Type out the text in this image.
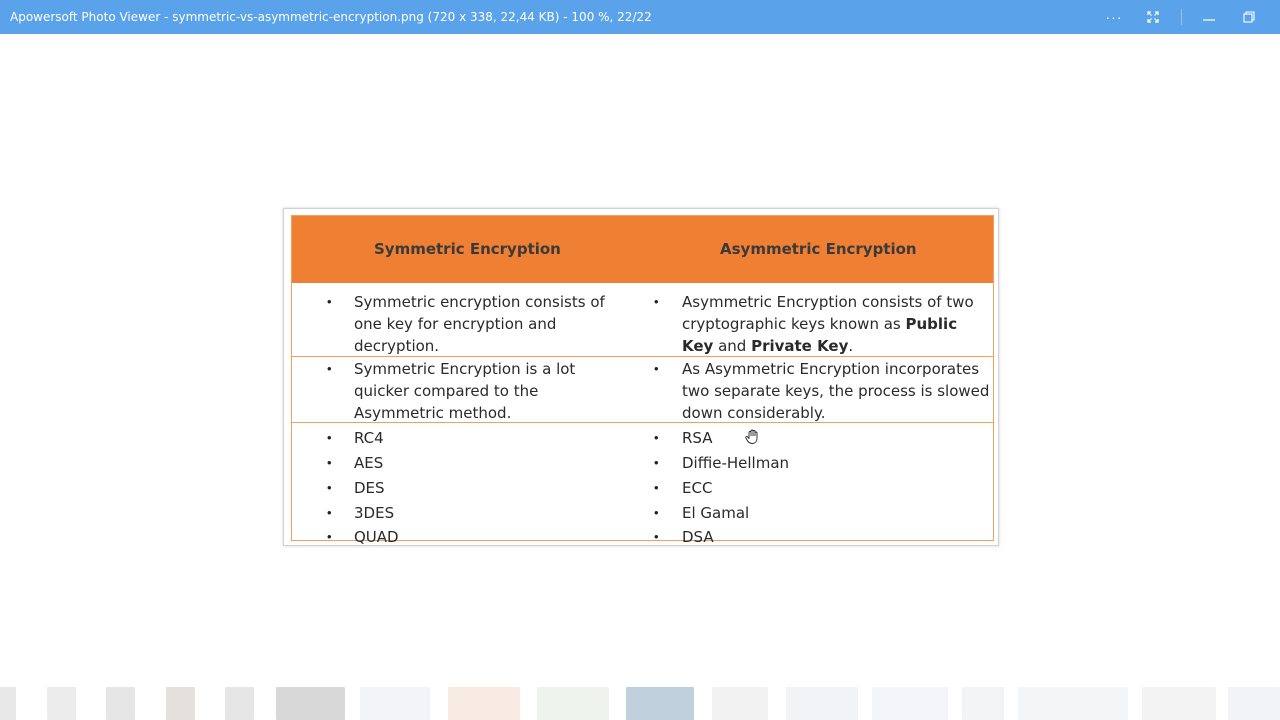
Apowersoft Photo Viewer - symmetric-vs-asymmetric-encryption.png (720 x 338, 22,44 KB) - 100 %, 22/22	···
Symmetric Encryption	Asymmetric Encryption
• Symmetric encryption consists of
one key for encryption and
decryption.
• Asymmetric Encryption consists of two
cryptographic keys known as Public
Key and Private Key.
• Symmetric Encryption is a lot
quicker compared to the
Asymmetric method.
• As Asymmetric Encryption incorporates
two separate keys, the process is slowed
down considerably.
•
•
•
•
•
RC4
AES
DES
3DES
QUAD
•
•
•
•
•
RSA
Diffie-Hellman
ECC
El Gamal
DSA
